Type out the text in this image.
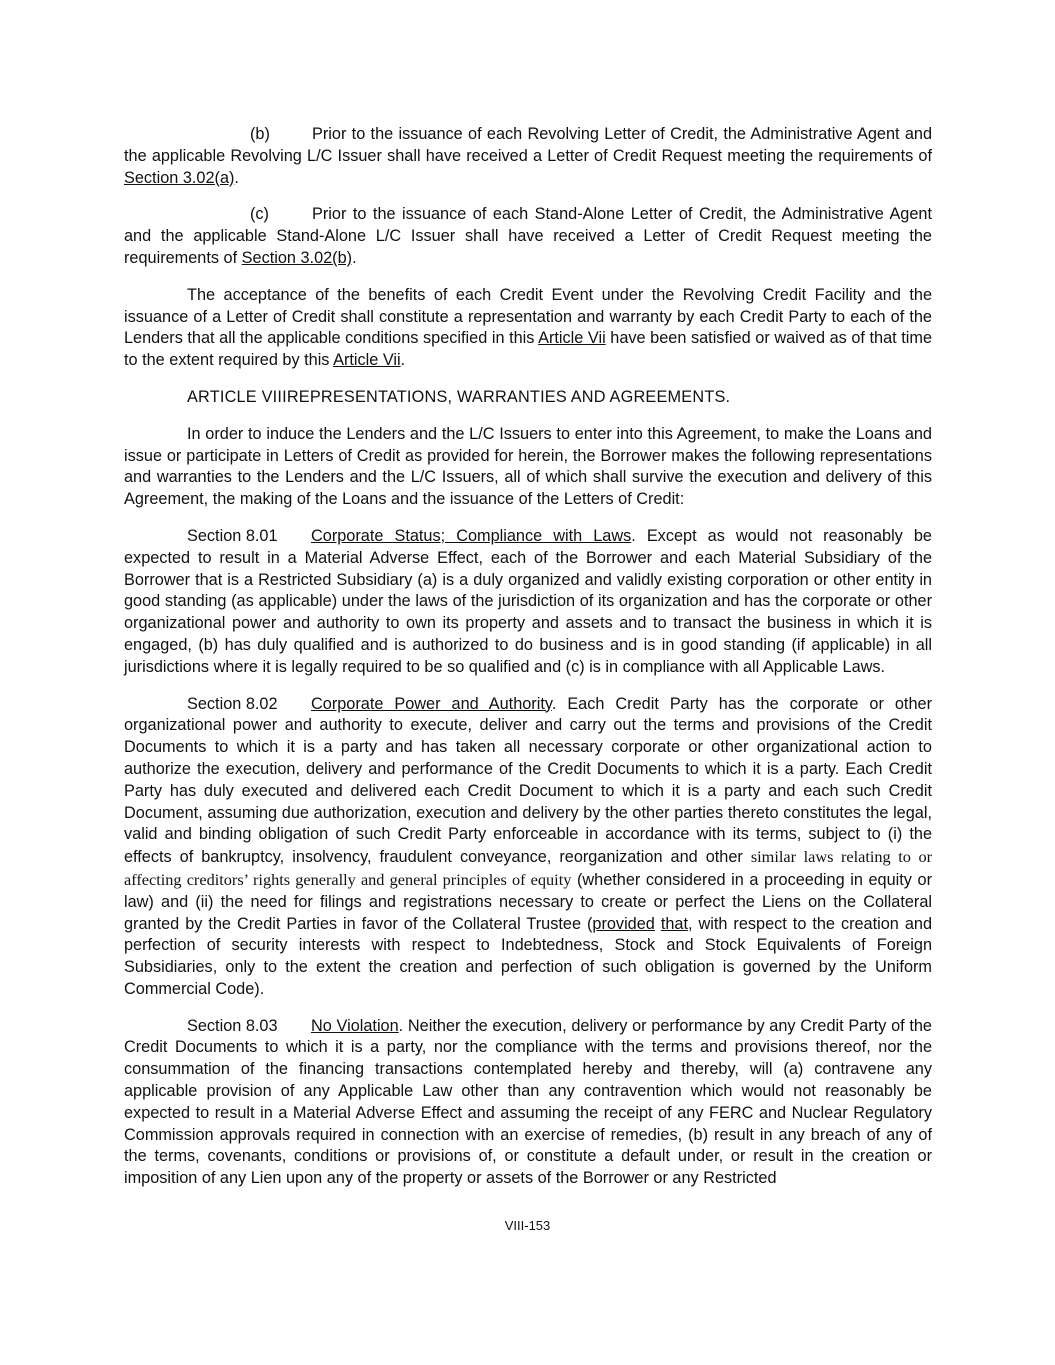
(b)	Prior to the issuance of each Revolving Letter of Credit, the Administrative Agent and the applicable Revolving L/C Issuer shall have received a Letter of Credit Request meeting the requirements of Section 3.02(a).

(c)	Prior to the issuance of each Stand-Alone Letter of Credit, the Administrative Agent and the applicable Stand-Alone L/C Issuer shall have received a Letter of Credit Request meeting the requirements of Section 3.02(b).

The acceptance of the benefits of each Credit Event under the Revolving Credit Facility and the issuance of a Letter of Credit shall constitute a representation and warranty by each Credit Party to each of the Lenders that all the applicable conditions specified in this Article Vii have been satisfied or waived as of that time to the extent required by this Article Vii.

ARTICLE VIIIREPRESENTATIONS, WARRANTIES AND AGREEMENTS.

In order to induce the Lenders and the L/C Issuers to enter into this Agreement, to make the Loans and issue or participate in Letters of Credit as provided for herein, the Borrower makes the following representations and warranties to the Lenders and the L/C Issuers, all of which shall survive the execution and delivery of this Agreement, the making of the Loans and the issuance of the Letters of Credit:

Section 8.01 Corporate Status; Compliance with Laws. Except as would not reasonably be expected to result in a Material Adverse Effect, each of the Borrower and each Material Subsidiary of the Borrower that is a Restricted Subsidiary (a) is a duly organized and validly existing corporation or other entity in good standing (as applicable) under the laws of the jurisdiction of its organization and has the corporate or other organizational power and authority to own its property and assets and to transact the business in which it is engaged, (b) has duly qualified and is authorized to do business and is in good standing (if applicable) in all jurisdictions where it is legally required to be so qualified and (c) is in compliance with all Applicable Laws.

Section 8.02 Corporate Power and Authority. Each Credit Party has the corporate or other organizational power and authority to execute, deliver and carry out the terms and provisions of the Credit Documents to which it is a party and has taken all necessary corporate or other organizational action to authorize the execution, delivery and performance of the Credit Documents to which it is a party. Each Credit Party has duly executed and delivered each Credit Document to which it is a party and each such Credit Document, assuming due authorization, execution and delivery by the other parties thereto constitutes the legal, valid and binding obligation of such Credit Party enforceable in accordance with its terms, subject to (i) the effects of bankruptcy, insolvency, fraudulent conveyance, reorganization and other similar laws relating to or affecting creditors’ rights generally and general principles of equity (whether considered in a proceeding in equity or law) and (ii) the need for filings and registrations necessary to create or perfect the Liens on the Collateral granted by the Credit Parties in favor of the Collateral Trustee (provided that, with respect to the creation and perfection of security interests with respect to Indebtedness, Stock and Stock Equivalents of Foreign Subsidiaries, only to the extent the creation and perfection of such obligation is governed by the Uniform Commercial Code).

Section 8.03 No Violation. Neither the execution, delivery or performance by any Credit Party of the Credit Documents to which it is a party, nor the compliance with the terms and provisions thereof, nor the consummation of the financing transactions contemplated hereby and thereby, will (a) contravene any applicable provision of any Applicable Law other than any contravention which would not reasonably be expected to result in a Material Adverse Effect and assuming the receipt of any FERC and Nuclear Regulatory Commission approvals required in connection with an exercise of remedies, (b) result in any breach of any of the terms, covenants, conditions or provisions of, or constitute a default under, or result in the creation or imposition of any Lien upon any of the property or assets of the Borrower or any Restricted

VIII-153
